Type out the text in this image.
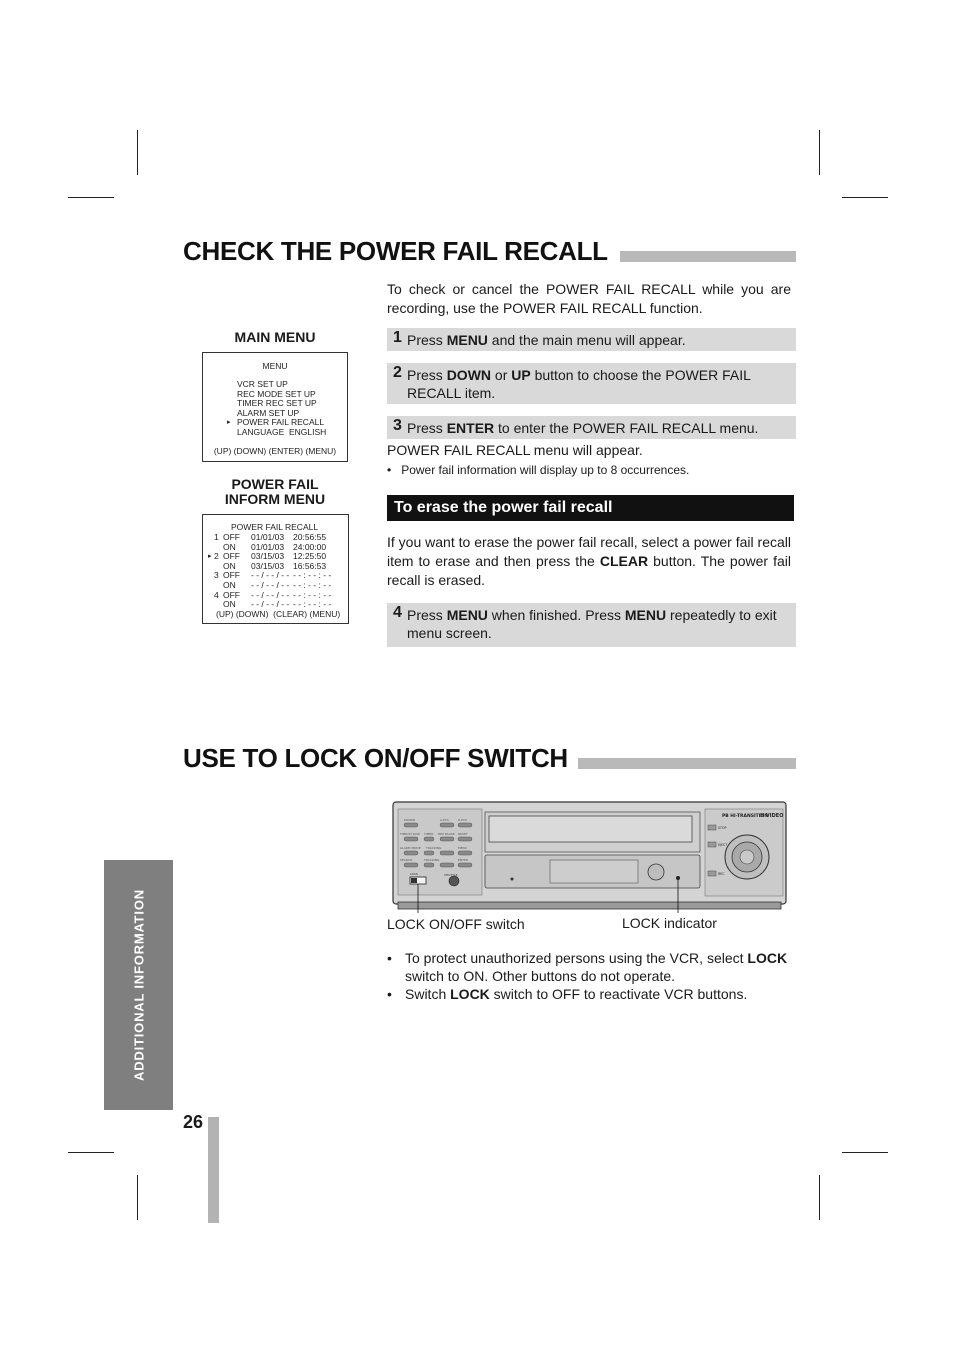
CHECK THE POWER FAIL RECALL
To check or cancel the POWER FAIL RECALL while you are recording, use the POWER FAIL RECALL function.
1 Press MENU and the main menu will appear.
2 Press DOWN or UP button to choose the POWER FAIL RECALL item.
3 Press ENTER to enter the POWER FAIL RECALL menu.
POWER FAIL RECALL menu will appear.
• Power fail information will display up to 8 occurrences.
To erase the power fail recall
If you want to erase the power fail recall, select a power fail recall item to erase and then press the CLEAR button. The power fail recall is erased.
4 Press MENU when finished. Press MENU repeatedly to exit menu screen.
MAIN MENU
MENU
VCR SET UP
REC MODE SET UP
TIMER REC SET UP
ALARM SET UP
▸ POWER FAIL RECALL
LANGUAGE  ENGLISH
(UP) (DOWN) (ENTER) (MENU)
POWER FAIL
INFORM MENU
POWER FAIL RECALL
1 OFF 01/01/03 20:56:55
ON 01/01/03 24:00:00
2 OFF 03/15/03 12:25:50
ON 03/15/03 16:56:53
3 OFF - - / - - / - - - - : - - : - -
ON - - / - - / - - - - : - - : - -
4 OFF - - / - - / - - - - : - - : - -
ON - - / - - / - - - - : - - : - -
▸
(UP) (DOWN)  (CLEAR) (MENU)
USE TO LOCK ON/OFF SWITCH
POWER	A.PCS	H.PCS
TIME/ST DISP	TIMER REC PAUSE RESET
ALARM MODE	TRACKING	MENU
SEARCH	TRACKING	ENTER
LOCK	SHUTTLE
PB HI-TRANSITION
H VIDEO
STOP
EJECT
REC
LOCK ON/OFF switch	LOCK indicator
• To protect unauthorized persons using the VCR, select LOCK switch to ON. Other buttons do not operate.
• Switch LOCK switch to OFF to reactivate VCR buttons.
ADDITIONAL INFORMATION
26
